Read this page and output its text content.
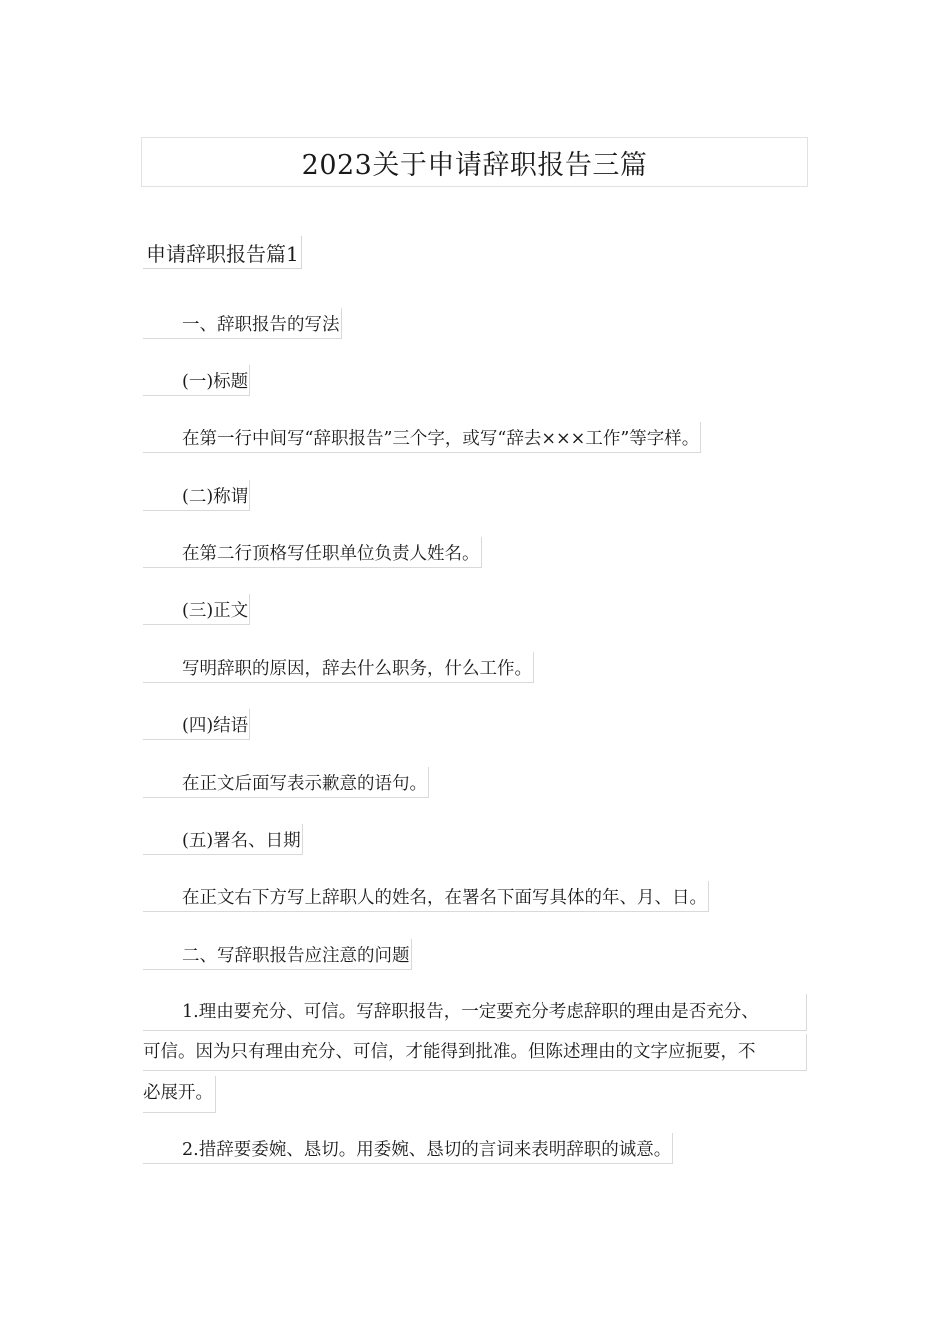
2023关于申请辞职报告三篇
申请辞职报告篇1
一、辞职报告的写法
(一)标题
在第一行中间写“辞职报告”三个字，或写“辞去×××工作”等字样。
(二)称谓
在第二行顶格写任职单位负责人姓名。
(三)正文
写明辞职的原因，辞去什么职务，什么工作。
(四)结语
在正文后面写表示歉意的语句。
(五)署名、日期
在正文右下方写上辞职人的姓名，在署名下面写具体的年、月、日。
二、写辞职报告应注意的问题
1.理由要充分、可信。写辞职报告，一定要充分考虑辞职的理由是否充分、
可信。因为只有理由充分、可信，才能得到批准。但陈述理由的文字应扼要，不
必展开。
2.措辞要委婉、恳切。用委婉、恳切的言词来表明辞职的诚意。
